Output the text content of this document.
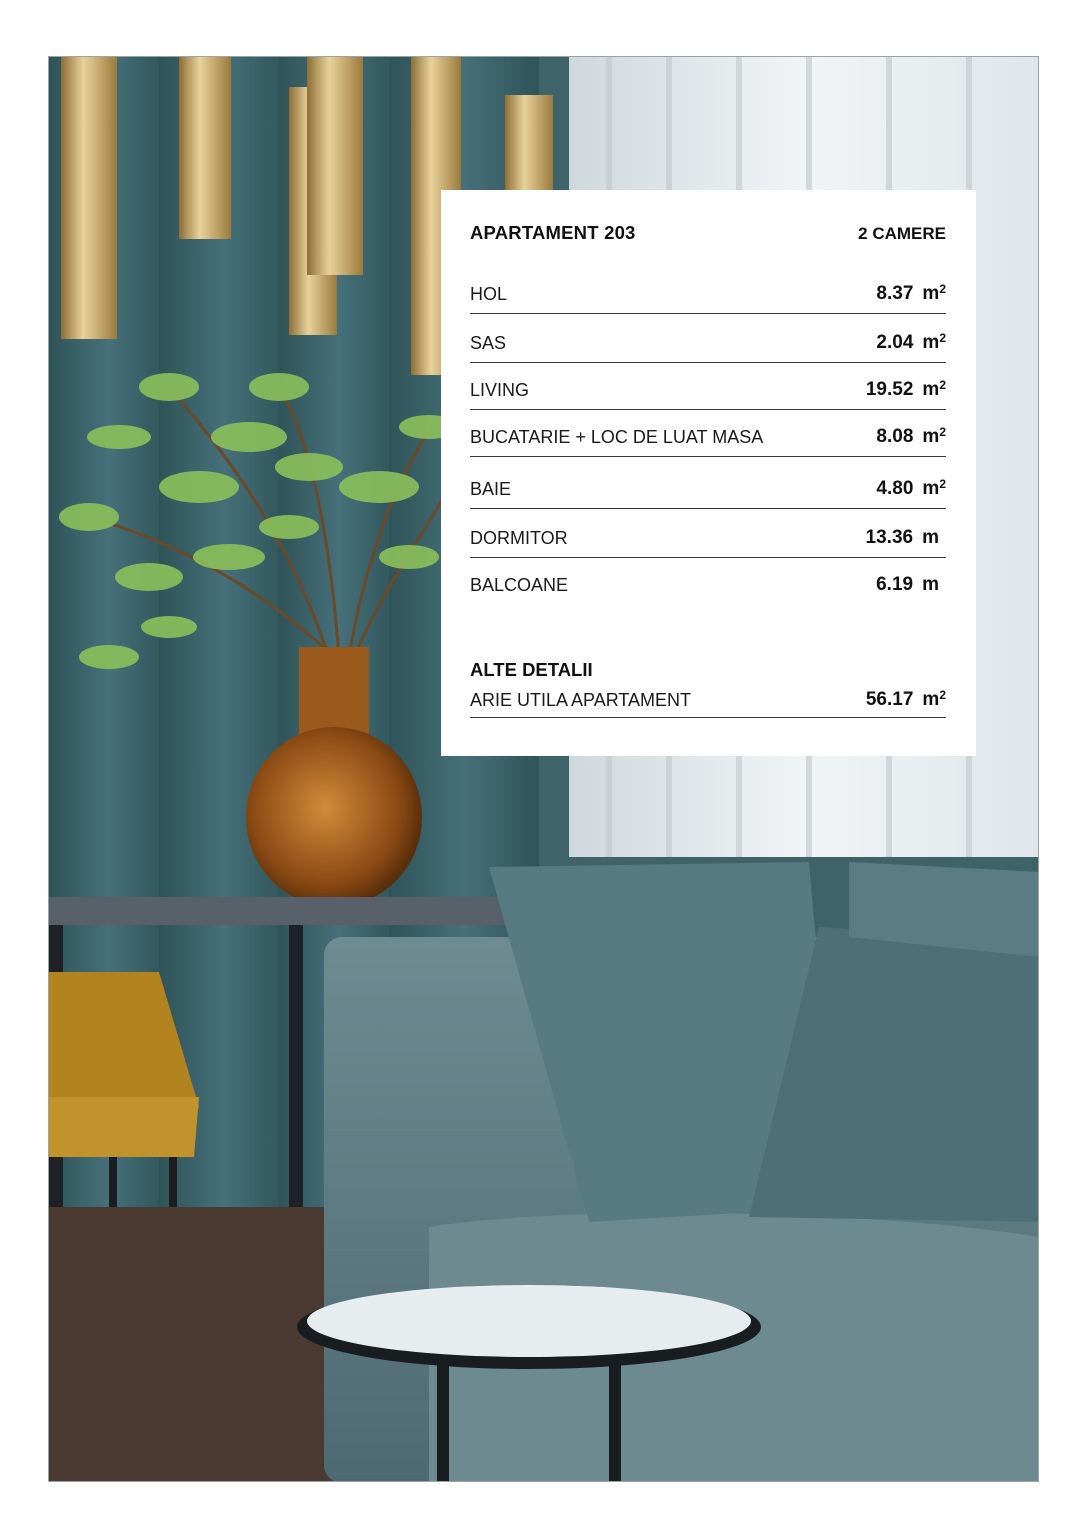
APARTAMENT 203	2 CAMERE
HOL	8.37 $m^2$
SAS	2.04 $m^2$
LIVING	19.52 $m^2$
BUCATARIE + LOC DE LUAT MASA	8.08 $m^2$
BAIE	4.80 $m^2$
DORMITOR	13.36 m
BALCOANE	6.19 m
ALTE DETALII
ARIE UTILA APARTAMENT	56.17 $m^2$
